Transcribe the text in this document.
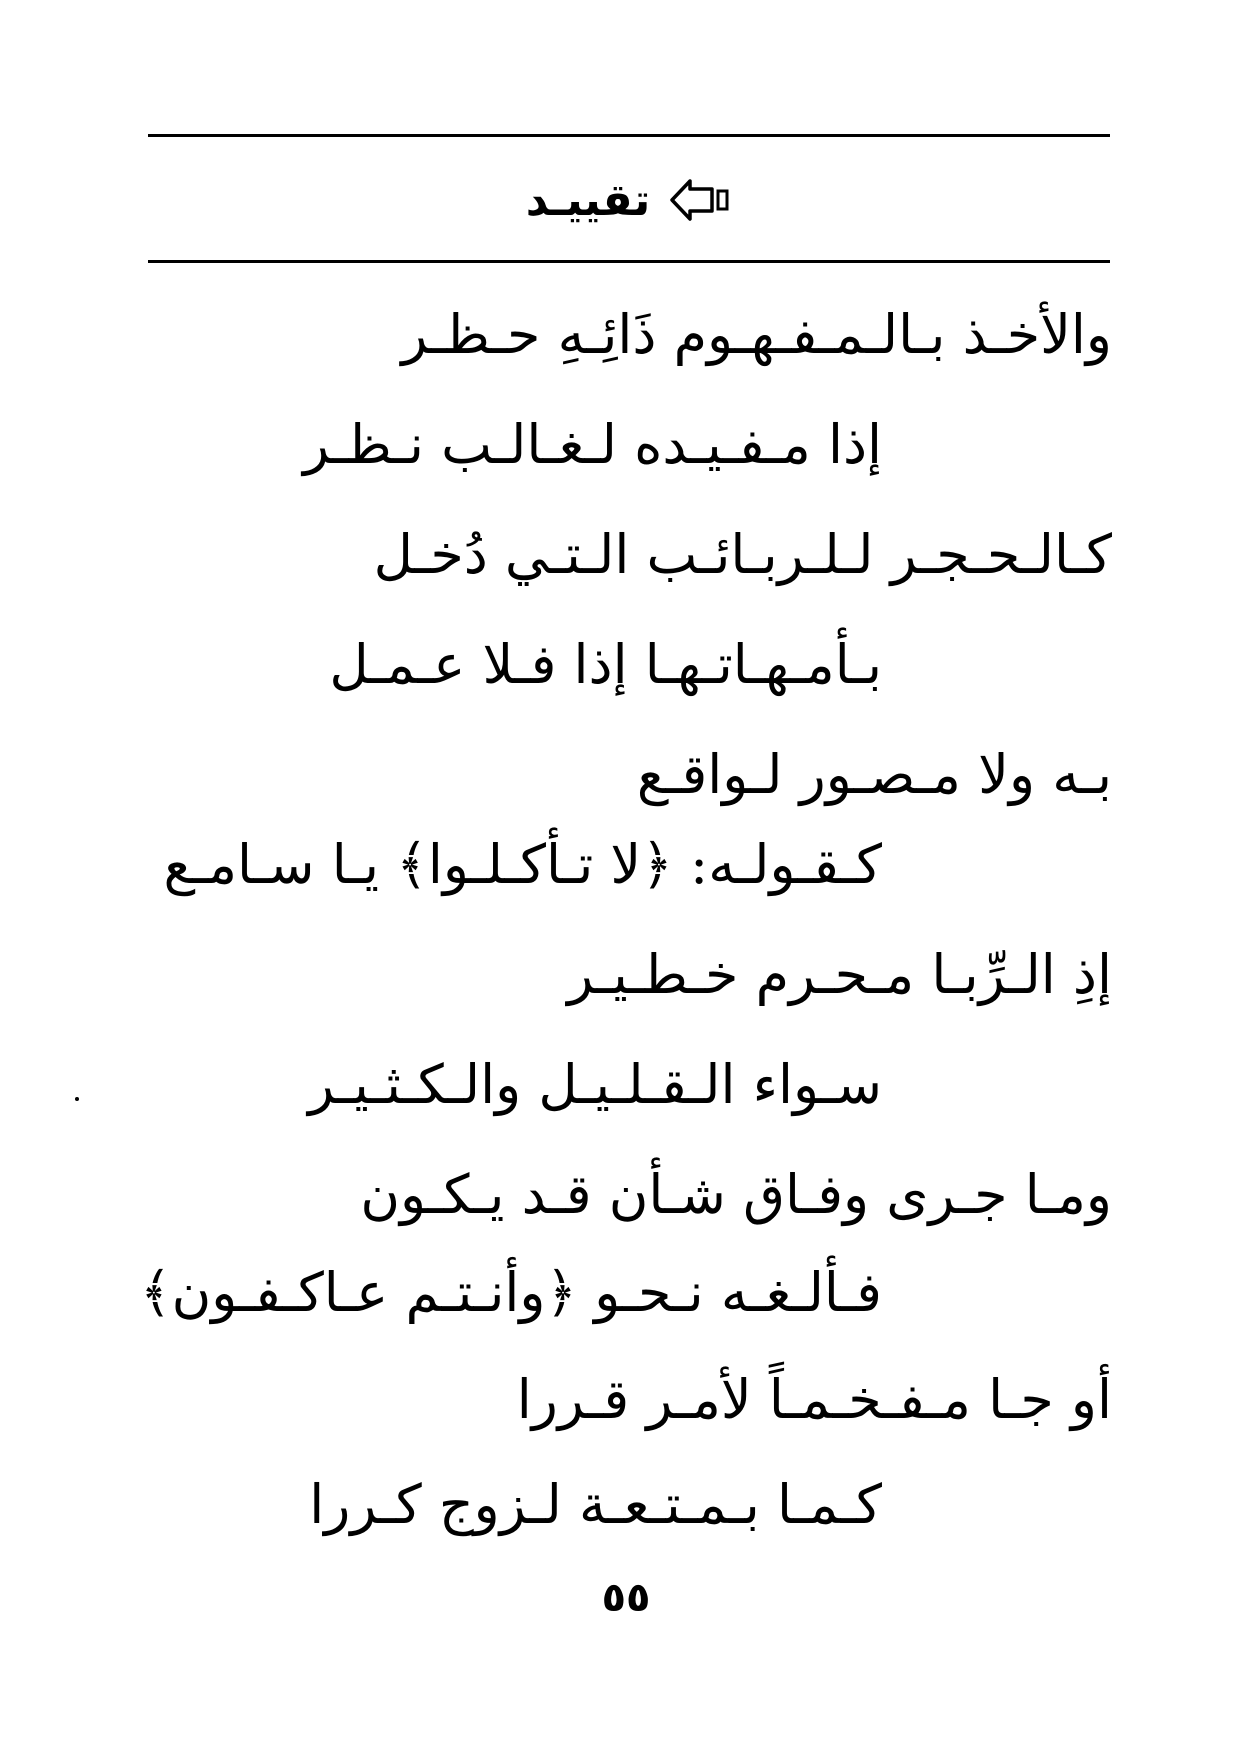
تقييـد
والأخـذ بـالـمـفـهـوم ذَائِـهِ حـظـر
إذا مـفـيـده لـغـالـب نـظـر
كـالـحـجـر لـلـربـائـب الـتـي دُخـل
بـأمـهـاتـهـا إذا فـلا عـمـل
بـه ولا مـصـور لـواقـع
كـقـولـه: ﴿لا تـأكـلـوا﴾ يـا سـامـع
إذِ الـرِّبـا مـحـرم خـطـيـر
سـواء الـقـلـيـل والـكـثـيـر
ومـا جـرى وفـاق شـأن قـد يـكـون
فـألـغـه نـحـو ﴿وأنـتـم عـاكـفـون﴾
أو جـا مـفـخـمـاً لأمـر قـررا
كـمـا بـمـتـعـة لـزوج كـررا
٥٥
